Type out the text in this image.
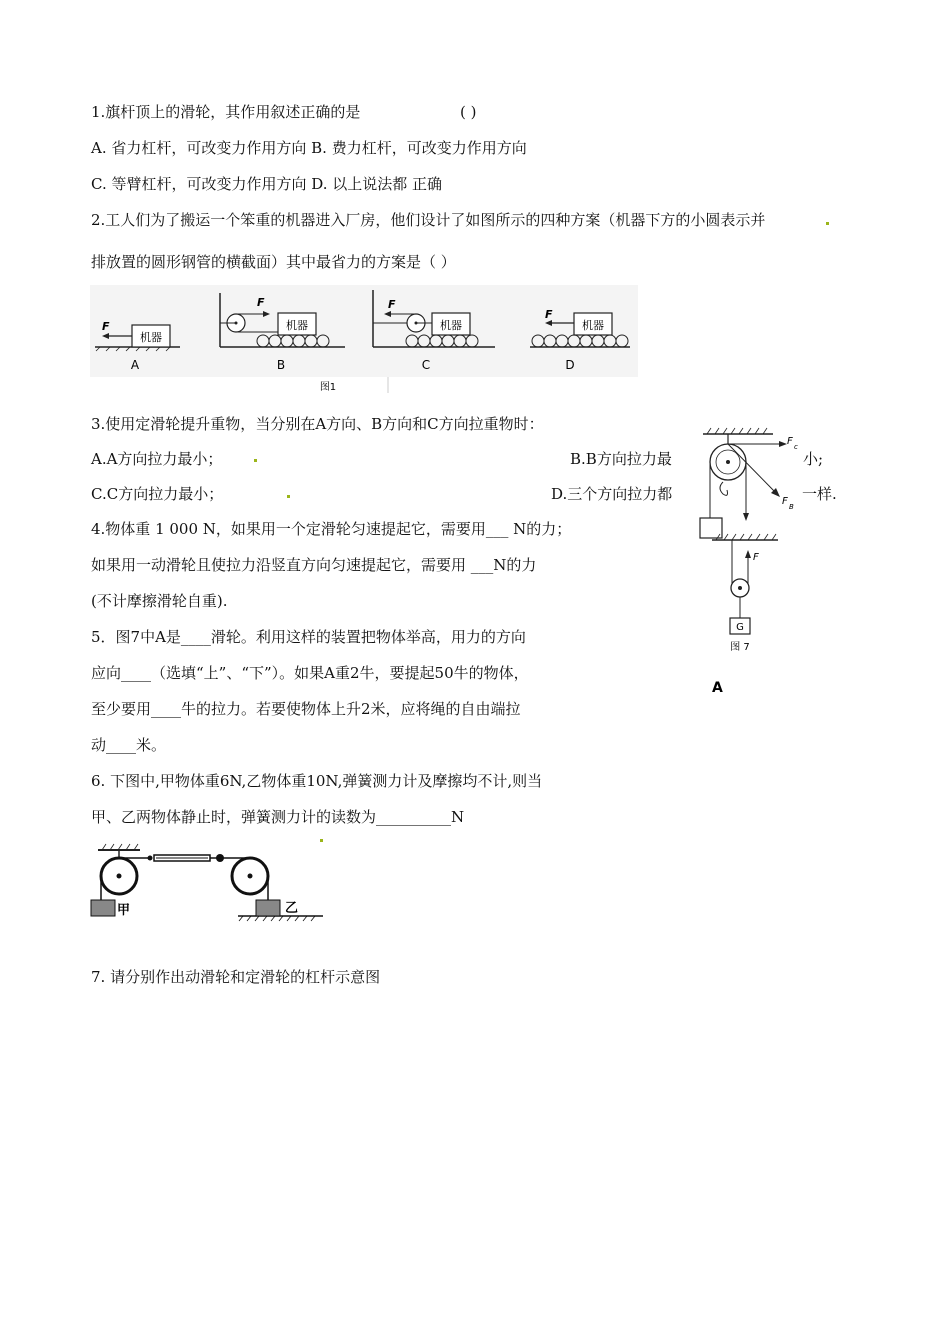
1.旗杆顶上的滑轮，其作用叙述正确的是	( )
A. 省力杠杆，可改变力作用方向 B. 费力杠杆，可改变力作用方向
C. 等臂杠杆，可改变力作用方向 D. 以上说法都 正确
2.工人们为了搬运一个笨重的机器进入厂房，他们设计了如图所示的四种方案（机器下方的小圆表示并
排放置的圆形钢管的横截面）其中最省力的方案是（ ）
机器
F
F
机器
F
机器	机器
F
A	B	C	D
图1
3.使用定滑轮提升重物，当分别在A方向、B方向和C方向拉重物时：
A.A方向拉力最小；	B.B方向拉力最	小;
C.C方向拉力最小；	D.三个方向拉力都	一样.
F c
F B
4.物体重 1 000 N，如果用一个定滑轮匀速提起它，需要用___ N的力；
如果用一动滑轮且使拉力沿竖直方向匀速提起它，需要用 ___N的力
(不计摩擦滑轮自重).
F
G
图 7
A
5．图7中A是____滑轮。利用这样的装置把物体举高，用力的方向
应向____（选填“上”、“下”）。如果A重2牛，要提起50牛的物体，
至少要用____牛的拉力。若要使物体上升2米，应将绳的自由端拉
动____米。
6. 下图中,甲物体重6N,乙物体重10N,弹簧测力计及摩擦均不计,则当
甲、乙两物体静止时，弹簧测力计的读数为__________N
甲	乙
7. 请分别作出动滑轮和定滑轮的杠杆示意图
